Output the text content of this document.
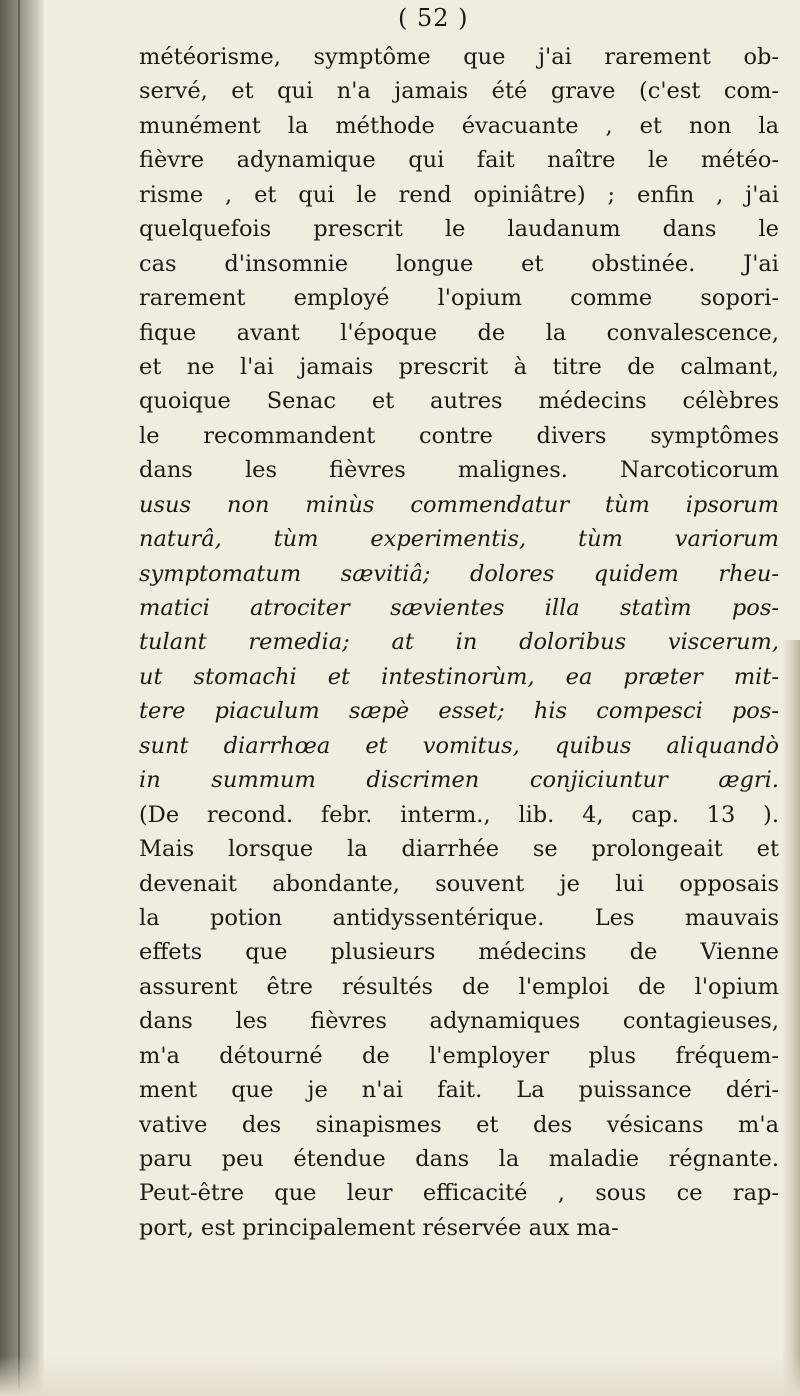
( 52 )
météorisme, symptôme que j'ai rarement ob-
servé, et qui n'a jamais été grave (c'est com-
munément la méthode évacuante , et non la
fièvre adynamique qui fait naître le météo-
risme , et qui le rend opiniâtre) ; enfin , j'ai
quelquefois prescrit le laudanum dans le
cas d'insomnie longue et obstinée. J'ai
rarement employé l'opium comme sopori-
fique avant l'époque de la convalescence,
et ne l'ai jamais prescrit à titre de calmant,
quoique Senac et autres médecins célèbres
le recommandent contre divers symptômes
dans les fièvres malignes. Narcoticorum
usus non minùs commendatur tùm ipsorum
naturâ, tùm experimentis, tùm variorum
symptomatum sævitiâ; dolores quidem rheu-
matici atrociter sævientes illa statìm pos-
tulant remedia; at in doloribus viscerum,
ut stomachi et intestinorùm, ea præter mit-
tere piaculum sæpè esset; his compesci pos-
sunt diarrhœa et vomitus, quibus aliquandò
in summum discrimen conjiciuntur ægri.
(De recond. febr. interm., lib. 4, cap. 13 ).
Mais lorsque la diarrhée se prolongeait et
devenait abondante, souvent je lui opposais
la potion antidyssentérique. Les mauvais
effets que plusieurs médecins de Vienne
assurent être résultés de l'emploi de l'opium
dans les fièvres adynamiques contagieuses,
m'a détourné de l'employer plus fréquem-
ment que je n'ai fait. La puissance déri-
vative des sinapismes et des vésicans m'a
paru peu étendue dans la maladie régnante.
Peut-être que leur efficacité , sous ce rap-
port, est principalement réservée aux ma-
